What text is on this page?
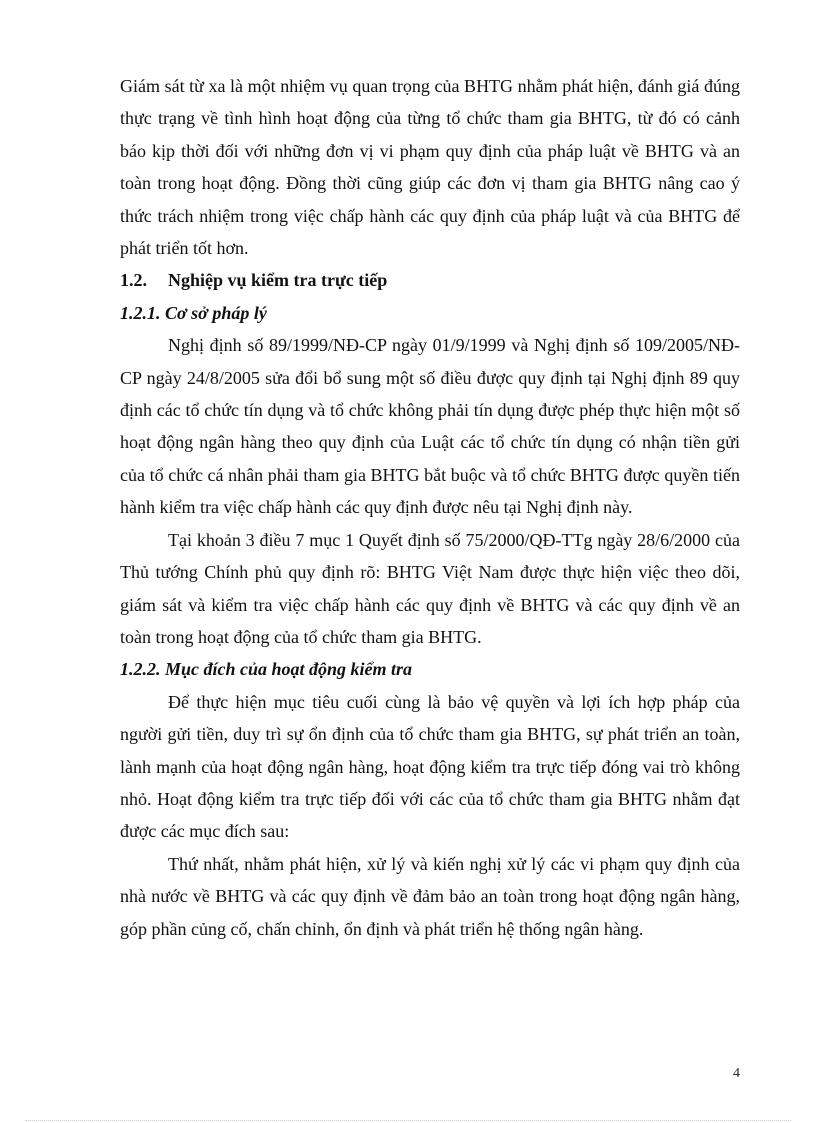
Giám sát từ xa là một nhiệm vụ quan trọng của BHTG nhằm phát hiện, đánh giá đúng thực trạng về tình hình hoạt động của từng tổ chức tham gia BHTG, từ đó có cảnh báo kịp thời đối với những đơn vị vi phạm quy định của pháp luật về BHTG và an toàn trong hoạt động. Đồng thời cũng giúp các đơn vị tham gia BHTG nâng cao ý thức trách nhiệm trong việc chấp hành các quy định của pháp luật và của BHTG để phát triển tốt hơn.

1.2. Nghiệp vụ kiểm tra trực tiếp
1.2.1. Cơ sở pháp lý

Nghị định số 89/1999/NĐ-CP ngày 01/9/1999 và Nghị định số 109/2005/NĐ-CP ngày 24/8/2005 sửa đổi bổ sung một số điều được quy định tại Nghị định 89 quy định các tổ chức tín dụng và tổ chức không phải tín dụng được phép thực hiện một số hoạt động ngân hàng theo quy định của Luật các tổ chức tín dụng có nhận tiền gửi của tổ chức cá nhân phải tham gia BHTG bắt buộc và tổ chức BHTG được quyền tiến hành kiểm tra việc chấp hành các quy định được nêu tại Nghị định này.

Tại khoản 3 điều 7 mục 1 Quyết định số 75/2000/QĐ-TTg ngày 28/6/2000 của Thủ tướng Chính phủ quy định rõ: BHTG Việt Nam được thực hiện việc theo dõi, giám sát và kiểm tra việc chấp hành các quy định về BHTG và các quy định về an toàn trong hoạt động của tổ chức tham gia BHTG.

1.2.2. Mục đích của hoạt động kiểm tra

Để thực hiện mục tiêu cuối cùng là bảo vệ quyền và lợi ích hợp pháp của người gửi tiền, duy trì sự ổn định của tổ chức tham gia BHTG, sự phát triển an toàn, lành mạnh của hoạt động ngân hàng, hoạt động kiểm tra trực tiếp đóng vai trò không nhỏ. Hoạt động kiểm tra trực tiếp đối với các của tổ chức tham gia BHTG nhằm đạt được các mục đích sau:

Thứ nhất, nhằm phát hiện, xử lý và kiến nghị xử lý các vi phạm quy định của nhà nước về BHTG và các quy định về đảm bảo an toàn trong hoạt động ngân hàng, góp phần củng cố, chấn chỉnh, ổn định và phát triển hệ thống ngân hàng.

4
